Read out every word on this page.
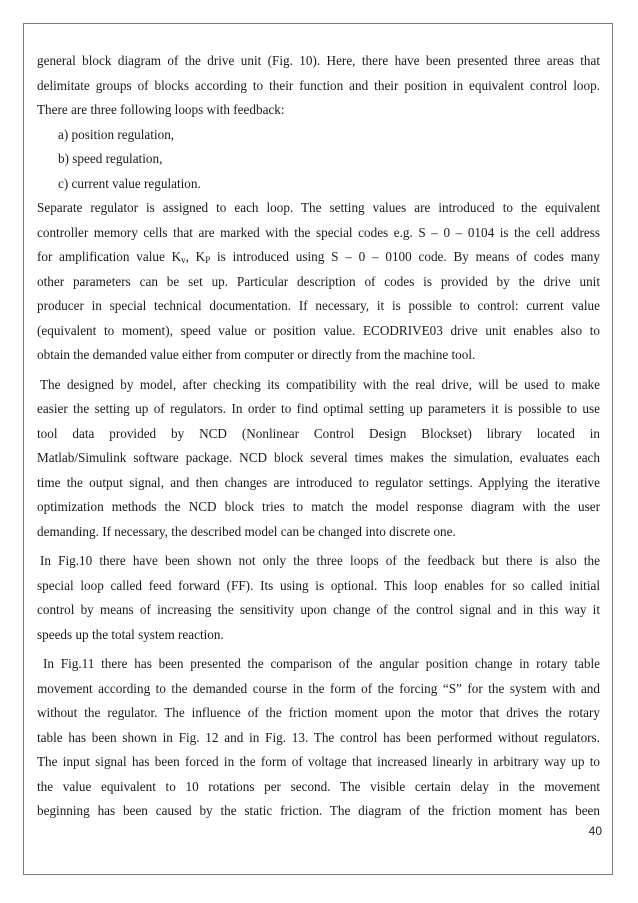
general block diagram of the drive unit (Fig. 10). Here, there have been presented three areas that
delimitate groups of blocks according to their function and their position in equivalent control loop.
There are three following loops with feedback:

a) position regulation,
b) speed regulation,
c) current value regulation.

Separate regulator is assigned to each loop. The setting values are introduced to the equivalent
controller memory cells that are marked with the special codes e.g. S – 0 – 0104 is the cell address
for amplification value $K_v$, $K_P$ is introduced using S – 0 – 0100 code. By means of codes many
other parameters can be set up. Particular description of codes is provided by the drive unit
producer in special technical documentation. If necessary, it is possible to control: current value
(equivalent to moment), speed value or position value. ECODRIVE03 drive unit enables also to
obtain the demanded value either from computer or directly from the machine tool.

The designed by model, after checking its compatibility with the real drive, will be used to make
easier the setting up of regulators. In order to find optimal setting up parameters it is possible to use
tool data provided by NCD (Nonlinear Control Design Blockset) library located in
Matlab/Simulink software package. NCD block several times makes the simulation, evaluates each
time the output signal, and then changes are introduced to regulator settings. Applying the iterative
optimization methods the NCD block tries to match the model response diagram with the user
demanding. If necessary, the described model can be changed into discrete one.

In Fig.10 there have been shown not only the three loops of the feedback but there is also the
special loop called feed forward (FF). Its using is optional. This loop enables for so called initial
control by means of increasing the sensitivity upon change of the control signal and in this way it
speeds up the total system reaction.

In Fig.11 there has been presented the comparison of the angular position change in rotary table
movement according to the demanded course in the form of the forcing “S” for the system with and
without the regulator. The influence of the friction moment upon the motor that drives the rotary
table has been shown in Fig. 12 and in Fig. 13. The control has been performed without regulators.
The input signal has been forced in the form of voltage that increased linearly in arbitrary way up to
the value equivalent to 10 rotations per second. The visible certain delay in the movement
beginning has been caused by the static friction. The diagram of the friction moment has been

40
